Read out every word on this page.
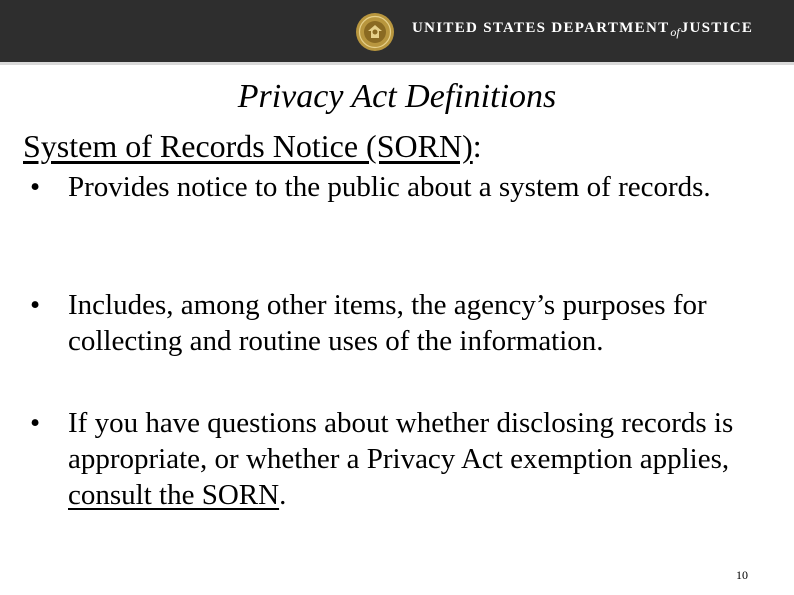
UNITED STATES $DEPARTMENT_{of}JUSTICE$
Privacy Act Definitions
System of Records Notice (SORN):
• Provides notice to the public about a system of records.
• Includes, among other items, the agency’s purposes for collecting and routine uses of the information.
• If you have questions about whether disclosing records is appropriate, or whether a Privacy Act exemption applies, consult the SORN.
10
